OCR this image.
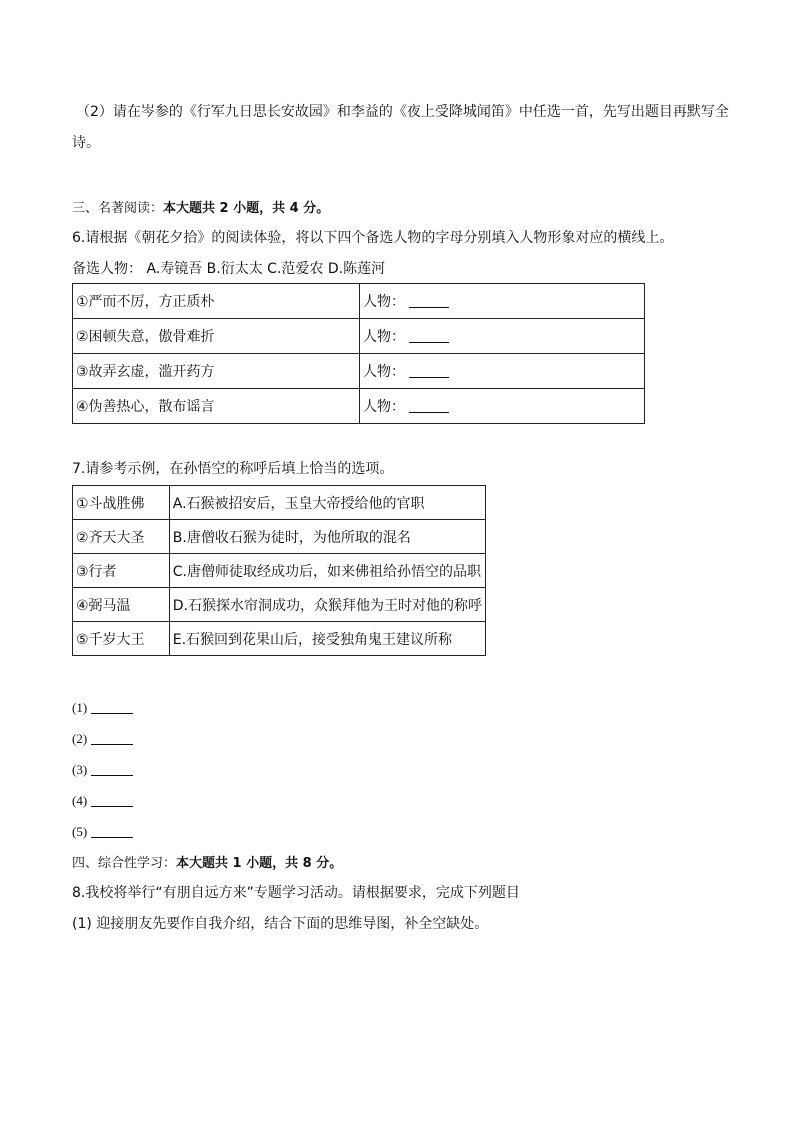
（2）请在岑参的《行军九日思长安故园》和李益的《夜上受降城闻笛》中任选一首，先写出题目再默写全
诗。
三、名著阅读：本大题共 2 小题，共 4 分。
6.请根据《朝花夕拾》的阅读体验，将以下四个备选人物的字母分别填入人物形象对应的横线上。
备选人物： A.寿镜吾 B.衍太太 C.范爱农 D.陈莲河
①严而不厉，方正质朴	人物：
②困顿失意，傲骨难折	人物：
③故弄玄虚，滥开药方	人物：
④伪善热心，散布谣言	人物：
7.请参考示例，在孙悟空的称呼后填上恰当的选项。
①斗战胜佛	A.石猴被招安后，玉皇大帝授给他的官职
②齐天大圣	B.唐僧收石猴为徒时，为他所取的混名
③行者	C.唐僧师徒取经成功后，如来佛祖给孙悟空的品职
④弼马温	D.石猴探水帘洞成功，众猴拜他为王时对他的称呼
⑤千岁大王	E.石猴回到花果山后，接受独角鬼王建议所称
(1)
(2)
(3)
(4)
(5)
四、综合性学习：本大题共 1 小题，共 8 分。
8.我校将举行“有朋自远方来”专题学习活动。请根据要求，完成下列题目
(1) 迎接朋友先要作自我介绍，结合下面的思维导图，补全空缺处。
